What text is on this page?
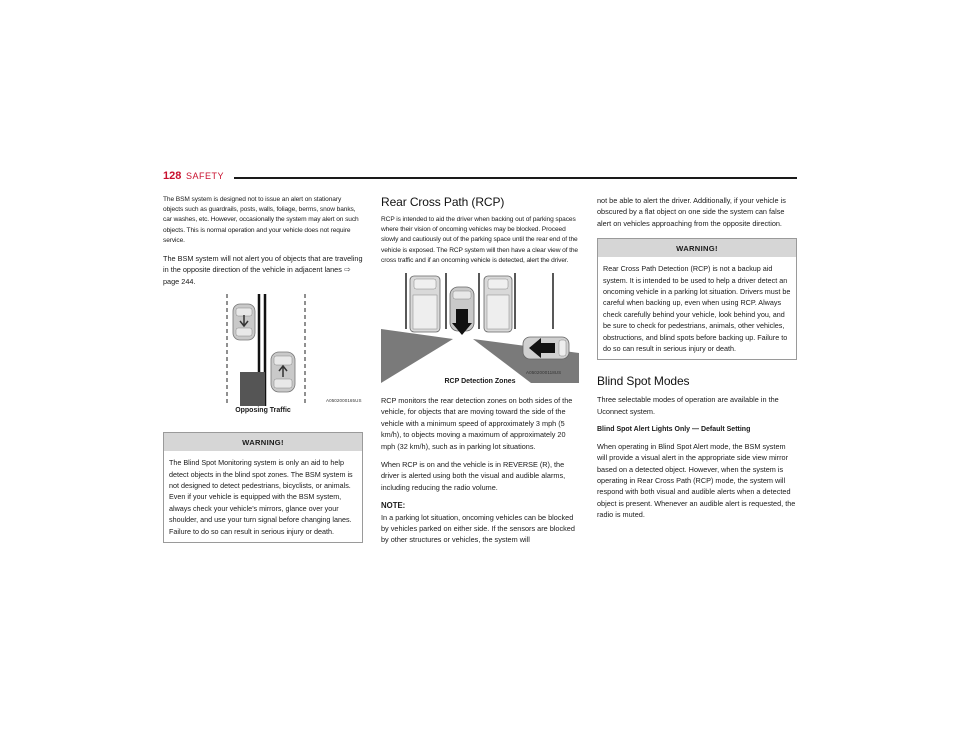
128 SAFETY

The BSM system is designed not to issue an alert on stationary objects such as guardrails, posts, walls, foliage, berms, snow banks, car washes, etc. However, occasionally the system may alert on such objects. This is normal operation and your vehicle does not require service.

The BSM system will not alert you of objects that are traveling in the opposite direction of the vehicle in adjacent lanes ⇨ page 244.

A0502000165US
Opposing Traffic
WARNING!

The Blind Spot Monitoring system is only an aid to help detect objects in the blind spot zones. The BSM system is not designed to detect pedestrians, bicyclists, or animals. Even if your vehicle is equipped with the BSM system, always check your vehicle’s mirrors, glance over your shoulder, and use your turn signal before changing lanes. Failure to do so can result in serious injury or death.

Rear Cross Path (RCP)

RCP is intended to aid the driver when backing out of parking spaces where their vision of oncoming vehicles may be blocked. Proceed slowly and cautiously out of the parking space until the rear end of the vehicle is exposed. The RCP system will then have a clear view of the cross traffic and if an oncoming vehicle is detected, alert the driver.

A0502000118US
RCP Detection Zones

RCP monitors the rear detection zones on both sides of the vehicle, for objects that are moving toward the side of the vehicle with a minimum speed of approximately 3 mph (5 km/h), to objects moving a maximum of approximately 20 mph (32 km/h), such as in parking lot situations.

When RCP is on and the vehicle is in REVERSE (R), the driver is alerted using both the visual and audible alarms, including reducing the radio volume.

NOTE:

In a parking lot situation, oncoming vehicles can be blocked by vehicles parked on either side. If the sensors are blocked by other structures or vehicles, the system will

not be able to alert the driver. Additionally, if your vehicle is obscured by a flat object on one side the system can false alert on vehicles approaching from the opposite direction.

WARNING!

Rear Cross Path Detection (RCP) is not a backup aid system. It is intended to be used to help a driver detect an oncoming vehicle in a parking lot situation. Drivers must be careful when backing up, even when using RCP. Always check carefully behind your vehicle, look behind you, and be sure to check for pedestrians, animals, other vehicles, obstructions, and blind spots before backing up. Failure to do so can result in serious injury or death.

Blind Spot Modes

Three selectable modes of operation are available in the Uconnect system.

Blind Spot Alert Lights Only — Default Setting

When operating in Blind Spot Alert mode, the BSM system will provide a visual alert in the appropriate side view mirror based on a detected object. However, when the system is operating in Rear Cross Path (RCP) mode, the system will respond with both visual and audible alerts when a detected object is present. Whenever an audible alert is requested, the radio is muted.
